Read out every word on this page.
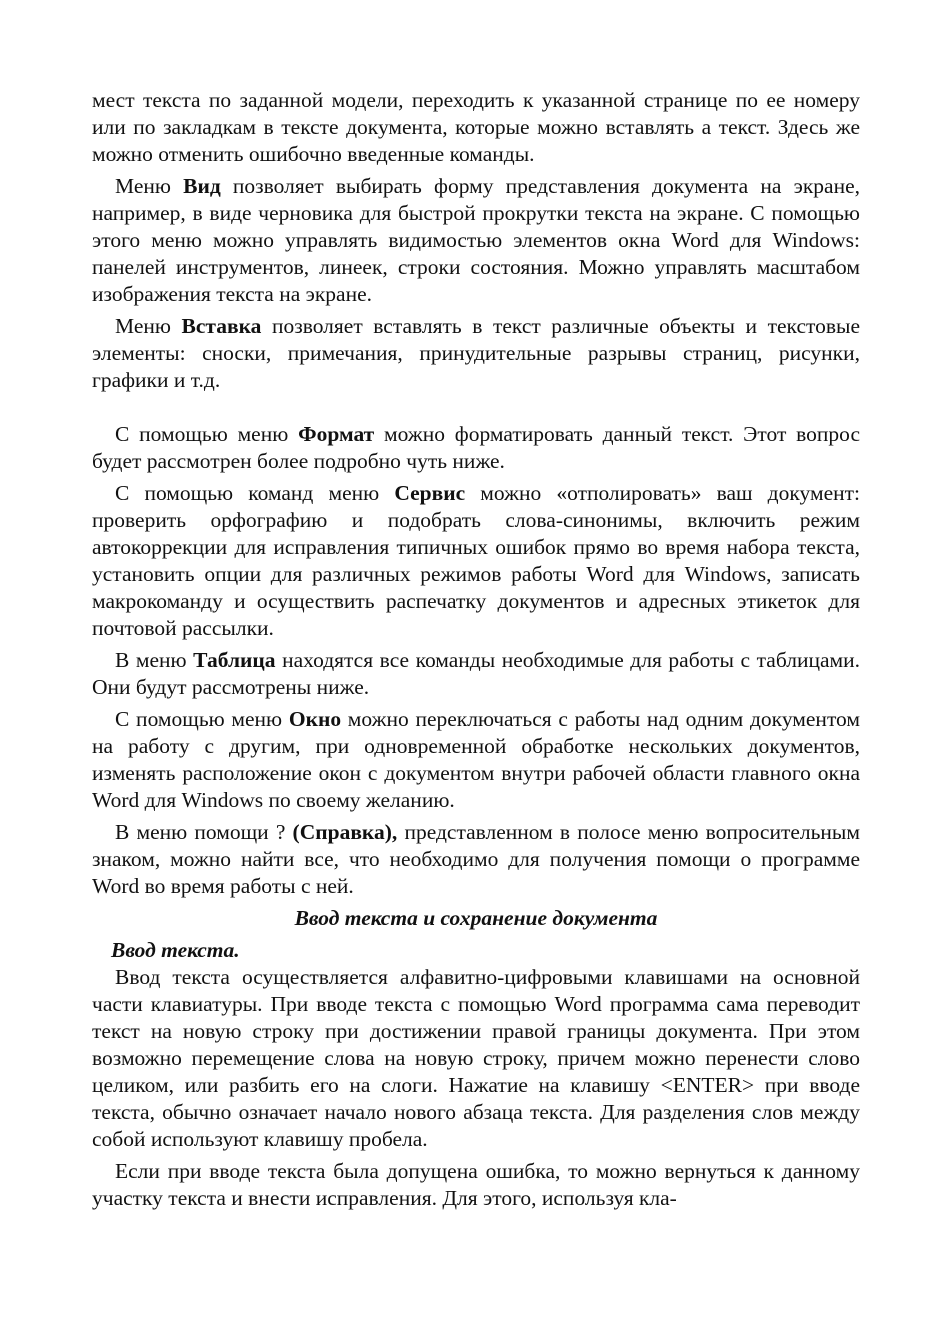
мест текста по заданной модели, переходить к указанной странице по ее номеру или по закладкам в тексте документа, которые можно вставлять а текст. Здесь же можно отменить ошибочно введенные команды.

Меню Вид позволяет выбирать форму представления документа на экране, например, в виде черновика для быстрой прокрутки текста на экране. С помощью этого меню можно управлять видимостью элементов окна Word для Windows: панелей инструментов, линеек, строки состояния. Можно управлять масштабом изображения текста на экране.

Меню Вставка позволяет вставлять в текст различные объекты и текстовые элементы: сноски, примечания, принудительные разрывы страниц, рисунки, графики и т.д.

С помощью меню Формат можно форматировать данный текст. Этот вопрос будет рассмотрен более подробно чуть ниже.

С помощью команд меню Сервис можно «отполировать» ваш документ: проверить орфографию и подобрать слова-синонимы, включить режим автокоррекции для исправления типичных ошибок прямо во время набора текста, установить опции для различных режимов работы Word для Windows, записать макрокоманду и осуществить распечатку документов и адресных этикеток для почтовой рассылки.

В меню Таблица находятся все команды необходимые для работы с таблицами. Они будут рассмотрены ниже.

С помощью меню Окно можно переключаться с работы над одним документом на работу с другим, при одновременной обработке нескольких документов, изменять расположение окон с документом внутри рабочей области главного окна Word для Windows по своему желанию.

В меню помощи ? (Справка), представленном в полосе меню вопросительным знаком, можно найти все, что необходимо для получения помощи о программе Word во время работы с ней.

Ввод текста и сохранение документа

Ввод текста.

Ввод текста осуществляется алфавитно-цифровыми клавишами на основной части клавиатуры. При вводе текста с помощью Word программа сама переводит текст на новую строку при достижении правой границы документа. При этом возможно перемещение слова на новую строку, причем можно перенести слово целиком, или разбить его на слоги. Нажатие на клавишу <ENTER> при вводе текста, обычно означает начало нового абзаца текста. Для разделения слов между собой используют клавишу пробела.

Если при вводе текста была допущена ошибка, то можно вернуться к данному участку текста и внести исправления. Для этого, используя кла-
